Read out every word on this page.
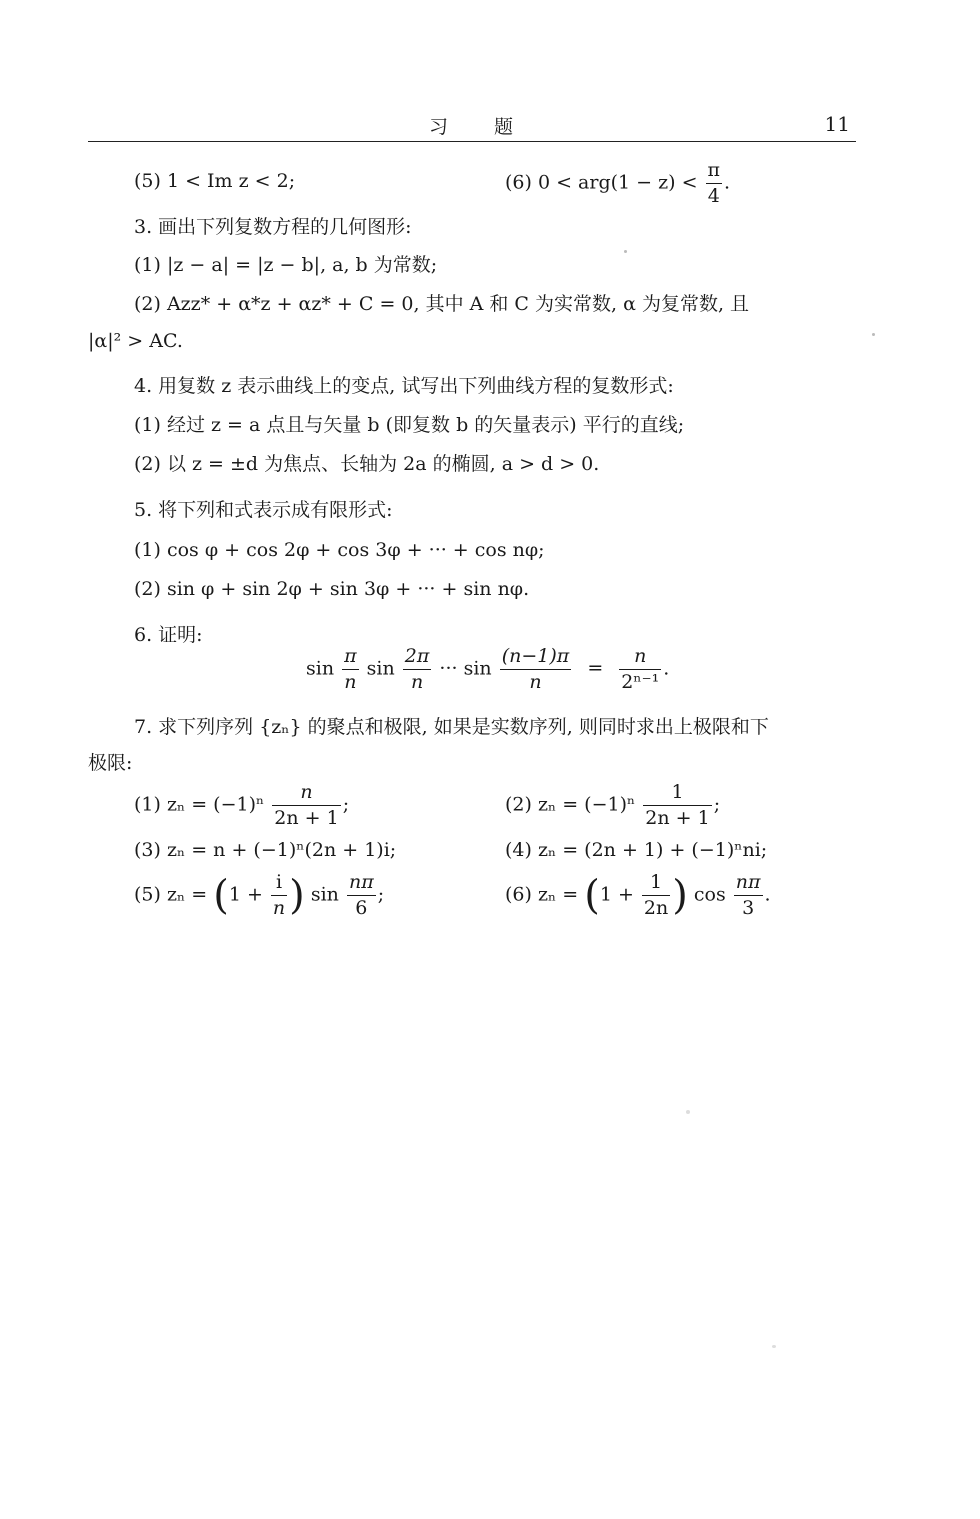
习 题	11
(5) 1 < Im z < 2;	(6) $0 < arg(1 - z) < \frac{\pi}{4}$ .
3. 画出下列复数方程的几何图形:
(1) |z − a| = |z − b|, a, b 为常数;
(2) Azz* + α*z + αz* + C = 0, 其中 A 和 C 为实常数, α 为复常数, 且
|α|² > AC.
4. 用复数 z 表示曲线上的变点, 试写出下列曲线方程的复数形式:
(1) 经过 z = a 点且与矢量 b (即复数 b 的矢量表示) 平行的直线;
(2) 以 z = ±d 为焦点、长轴为 2a 的椭圆, a > d > 0.
5. 将下列和式表示成有限形式:
(1) cos φ + cos 2φ + cos 3φ + ··· + cos nφ;
(2) sin φ + sin 2φ + sin 3φ + ··· + sin nφ.
6. 证明:
$\sin \frac{\pi}{n}$ $\sin \frac{2\pi}{n}$ ··· $\sin \frac{(n-1)\pi}{n} = \frac{n}{\text{2ⁿ⁻¹}}$ .
7. 求下列序列 {zₙ} 的聚点和极限, 如果是实数序列, 则同时求出上极限和下
极限:
(1) $z_n = (-1)^n \frac{n}{2n + 1}$ ;	(2) $z_n = (-1)^n \frac{1}{2n + 1}$ ;
(3) zₙ = n + (−1)ⁿ(2n + 1)i;	(4) zₙ = (2n + 1) + (−1)ⁿni;
(5) $z_n = (1 + \frac{i}{n}$ ) $\sin \frac{n\pi}{6}$ ;	(6) $z_n = (1 + \frac{1}{2n}$ ) $\cos \frac{n\pi}{3}$ .
